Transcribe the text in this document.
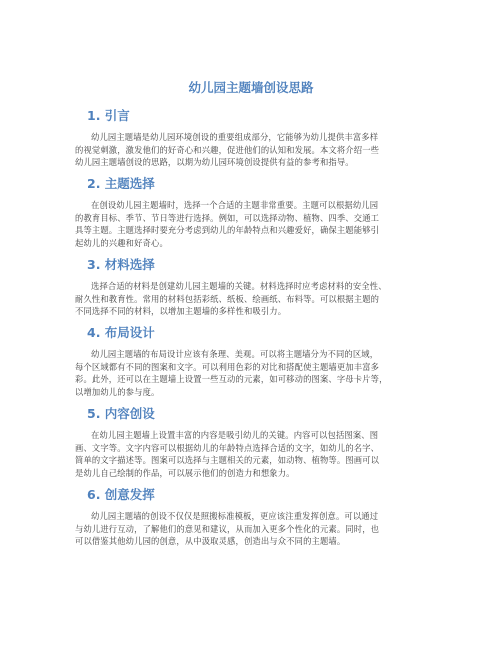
幼儿园主题墙创设思路
1. 引言
幼儿园主题墙是幼儿园环境创设的重要组成部分，它能够为幼儿提供丰富多样
的视觉刺激，激发他们的好奇心和兴趣，促进他们的认知和发展。本文将介绍一些
幼儿园主题墙创设的思路，以期为幼儿园环境创设提供有益的参考和指导。
2. 主题选择
在创设幼儿园主题墙时，选择一个合适的主题非常重要。主题可以根据幼儿园
的教育目标、季节、节日等进行选择。例如，可以选择动物、植物、四季、交通工
具等主题。主题选择时要充分考虑到幼儿的年龄特点和兴趣爱好，确保主题能够引
起幼儿的兴趣和好奇心。
3. 材料选择
选择合适的材料是创建幼儿园主题墙的关键。材料选择时应考虑材料的安全性、
耐久性和教育性。常用的材料包括彩纸、纸板、绘画纸、布料等。可以根据主题的
不同选择不同的材料，以增加主题墙的多样性和吸引力。
4. 布局设计
幼儿园主题墙的布局设计应该有条理、美观。可以将主题墙分为不同的区域，
每个区域都有不同的图案和文字。可以利用色彩的对比和搭配使主题墙更加丰富多
彩。此外，还可以在主题墙上设置一些互动的元素，如可移动的图案、字母卡片等，
以增加幼儿的参与度。
5. 内容创设
在幼儿园主题墙上设置丰富的内容是吸引幼儿的关键。内容可以包括图案、图
画、文字等。文字内容可以根据幼儿的年龄特点选择合适的文字，如幼儿的名字、
简单的文字描述等。图案可以选择与主题相关的元素，如动物、植物等。图画可以
是幼儿自己绘制的作品，可以展示他们的创造力和想象力。
6. 创意发挥
幼儿园主题墙的创设不仅仅是照搬标准模板，更应该注重发挥创意。可以通过
与幼儿进行互动，了解他们的意见和建议，从而加入更多个性化的元素。同时，也
可以借鉴其他幼儿园的创意，从中汲取灵感，创造出与众不同的主题墙。
